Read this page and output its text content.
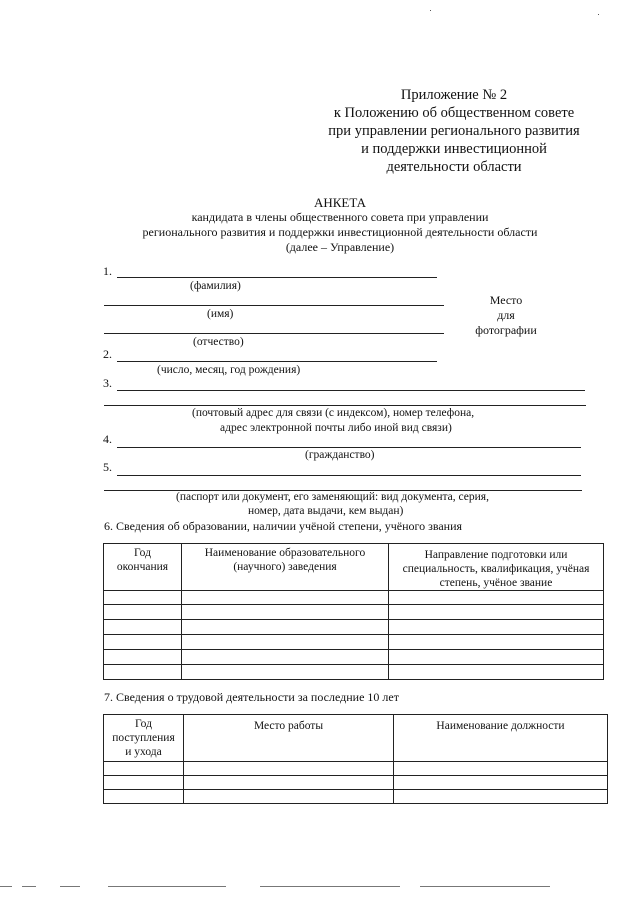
Приложение № 2
к Положению об общественном совете
при управлении регионального развития
и поддержки инвестиционной
деятельности области
АНКЕТА
кандидата в члены общественного совета при управлении
регионального развития и поддержки инвестиционной деятельности области
(далее – Управление)
1.
(фамилия)
(имя)
(отчество)
Место
для
фотографии
2.
(число, месяц, год рождения)
3.
(почтовый адрес для связи (с индексом), номер телефона,
адрес электронной почты либо иной вид связи)
4.
(гражданство)
5.
(паспорт или документ, его заменяющий: вид документа, серия,
номер, дата выдачи, кем выдан)
6. Сведения об образовании, наличии учёной степени, учёного звания
Год окончания	Наименование образовательного (научного) заведения	Направление подготовки или специальность, квалификация, учёная степень, учёное звание

7. Сведения о трудовой деятельности за последние 10 лет
Год поступления и ухода	Место работы	Наименование должности
